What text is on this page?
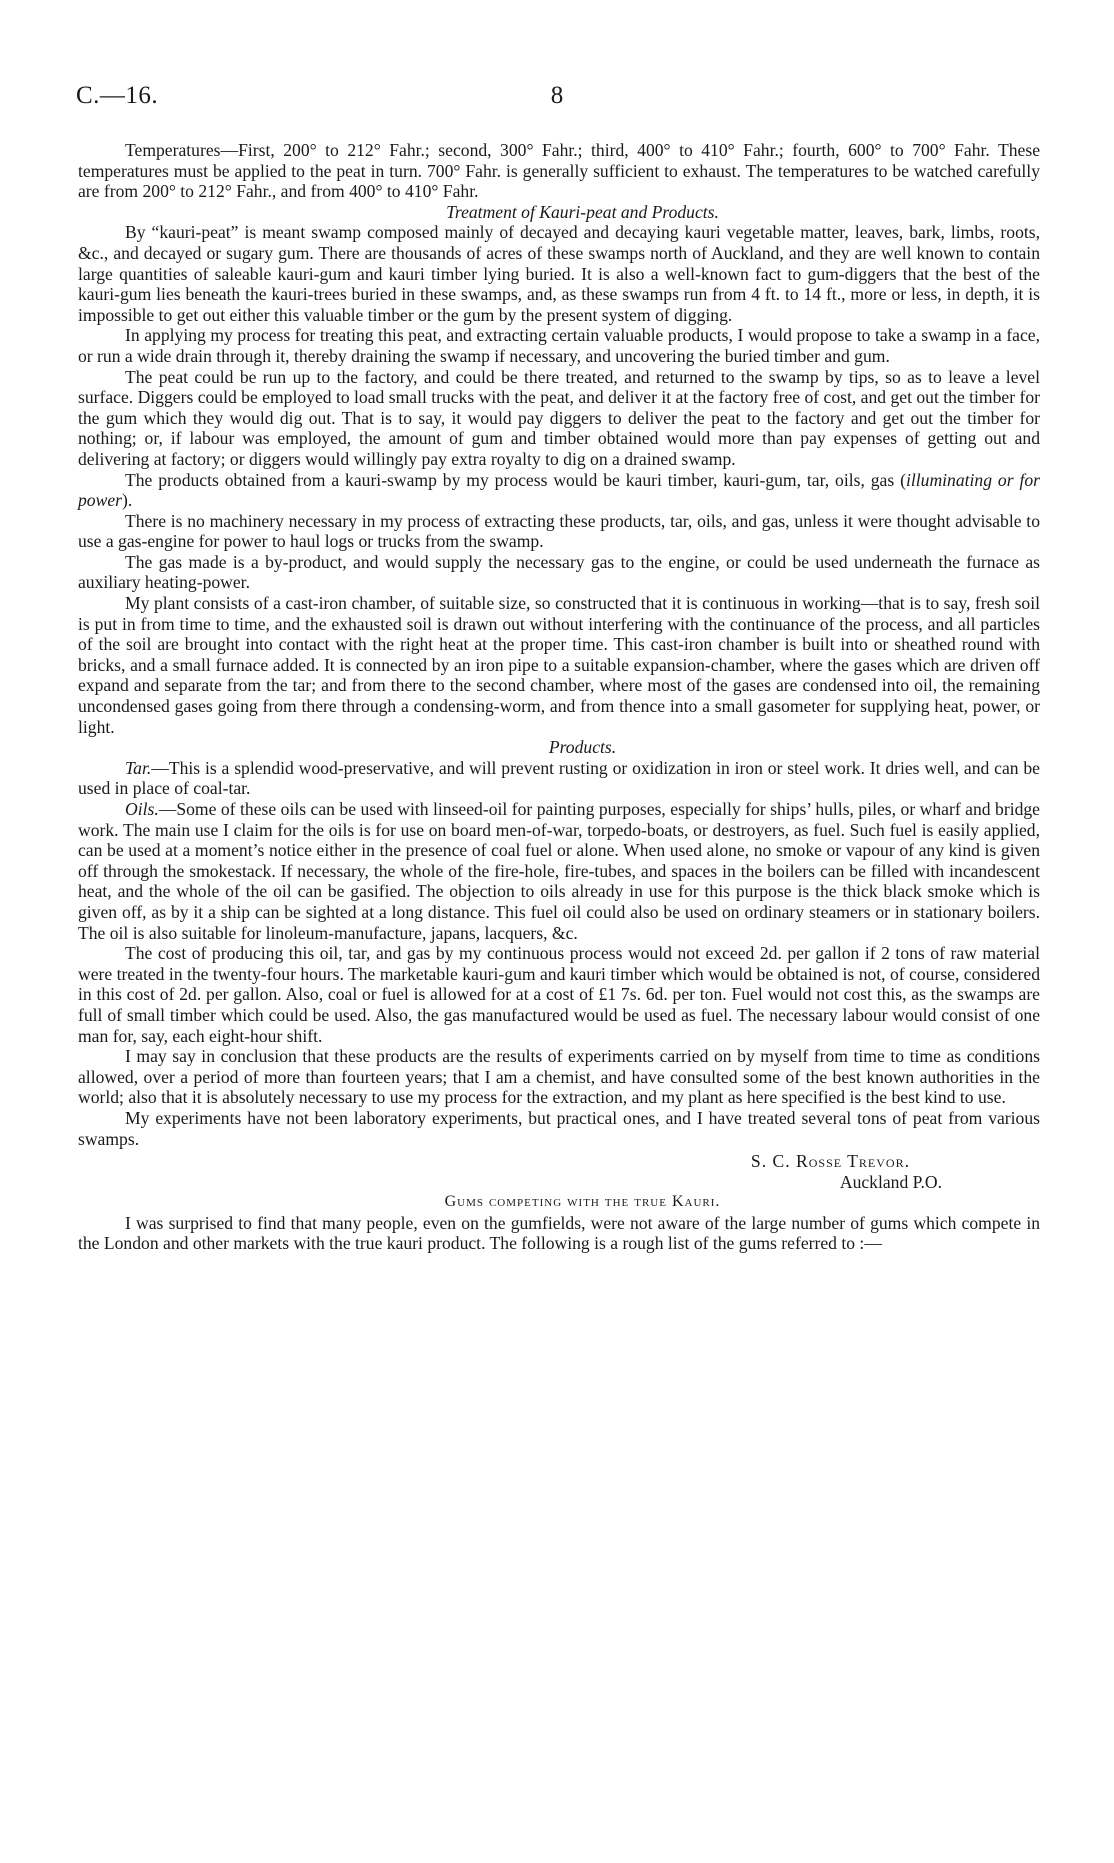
C.—16.	8

Temperatures—First, 200° to 212° Fahr.; second, 300° Fahr.; third, 400° to 410° Fahr.; fourth, 600° to 700° Fahr. These temperatures must be applied to the peat in turn. 700° Fahr. is generally sufficient to exhaust. The temperatures to be watched carefully are from 200° to 212° Fahr., and from 400° to 410° Fahr.

Treatment of Kauri-peat and Products.

By “kauri-peat” is meant swamp composed mainly of decayed and decaying kauri vegetable matter, leaves, bark, limbs, roots, &c., and decayed or sugary gum. There are thousands of acres of these swamps north of Auckland, and they are well known to contain large quantities of saleable kauri-gum and kauri timber lying buried. It is also a well-known fact to gum-diggers that the best of the kauri-gum lies beneath the kauri-trees buried in these swamps, and, as these swamps run from 4 ft. to 14 ft., more or less, in depth, it is impossible to get out either this valuable timber or the gum by the present system of digging.

In applying my process for treating this peat, and extracting certain valuable products, I would propose to take a swamp in a face, or run a wide drain through it, thereby draining the swamp if necessary, and uncovering the buried timber and gum.

The peat could be run up to the factory, and could be there treated, and returned to the swamp by tips, so as to leave a level surface. Diggers could be employed to load small trucks with the peat, and deliver it at the factory free of cost, and get out the timber for the gum which they would dig out. That is to say, it would pay diggers to deliver the peat to the factory and get out the timber for nothing; or, if labour was employed, the amount of gum and timber obtained would more than pay expenses of getting out and delivering at factory; or diggers would willingly pay extra royalty to dig on a drained swamp.

The products obtained from a kauri-swamp by my process would be kauri timber, kauri-gum, tar, oils, gas (illuminating or for power).

There is no machinery necessary in my process of extracting these products, tar, oils, and gas, unless it were thought advisable to use a gas-engine for power to haul logs or trucks from the swamp.

The gas made is a by-product, and would supply the necessary gas to the engine, or could be used underneath the furnace as auxiliary heating-power.

My plant consists of a cast-iron chamber, of suitable size, so constructed that it is continuous in working—that is to say, fresh soil is put in from time to time, and the exhausted soil is drawn out without interfering with the continuance of the process, and all particles of the soil are brought into contact with the right heat at the proper time. This cast-iron chamber is built into or sheathed round with bricks, and a small furnace added. It is connected by an iron pipe to a suitable expansion-chamber, where the gases which are driven off expand and separate from the tar; and from there to the second chamber, where most of the gases are condensed into oil, the remaining uncondensed gases going from there through a condensing-worm, and from thence into a small gasometer for supplying heat, power, or light.

Products.

Tar.—This is a splendid wood-preservative, and will prevent rusting or oxidization in iron or steel work. It dries well, and can be used in place of coal-tar.

Oils.—Some of these oils can be used with linseed-oil for painting purposes, especially for ships’ hulls, piles, or wharf and bridge work. The main use I claim for the oils is for use on board men-of-war, torpedo-boats, or destroyers, as fuel. Such fuel is easily applied, can be used at a moment’s notice either in the presence of coal fuel or alone. When used alone, no smoke or vapour of any kind is given off through the smokestack. If necessary, the whole of the fire-hole, fire-tubes, and spaces in the boilers can be filled with incandescent heat, and the whole of the oil can be gasified. The objection to oils already in use for this purpose is the thick black smoke which is given off, as by it a ship can be sighted at a long distance. This fuel oil could also be used on ordinary steamers or in stationary boilers. The oil is also suitable for linoleum-manufacture, japans, lacquers, &c.

The cost of producing this oil, tar, and gas by my continuous process would not exceed 2d. per gallon if 2 tons of raw material were treated in the twenty-four hours. The marketable kauri-gum and kauri timber which would be obtained is not, of course, considered in this cost of 2d. per gallon. Also, coal or fuel is allowed for at a cost of £1 7s. 6d. per ton. Fuel would not cost this, as the swamps are full of small timber which could be used. Also, the gas manufactured would be used as fuel. The necessary labour would consist of one man for, say, each eight-hour shift.

I may say in conclusion that these products are the results of experiments carried on by myself from time to time as conditions allowed, over a period of more than fourteen years; that I am a chemist, and have consulted some of the best known authorities in the world; also that it is absolutely necessary to use my process for the extraction, and my plant as here specified is the best kind to use.

My experiments have not been laboratory experiments, but practical ones, and I have treated several tons of peat from various swamps.

S. C. Rosse Trevor.
Auckland P.O.

Gums competing with the true Kauri.

I was surprised to find that many people, even on the gumfields, were not aware of the large number of gums which compete in the London and other markets with the true kauri product. The following is a rough list of the gums referred to :—
